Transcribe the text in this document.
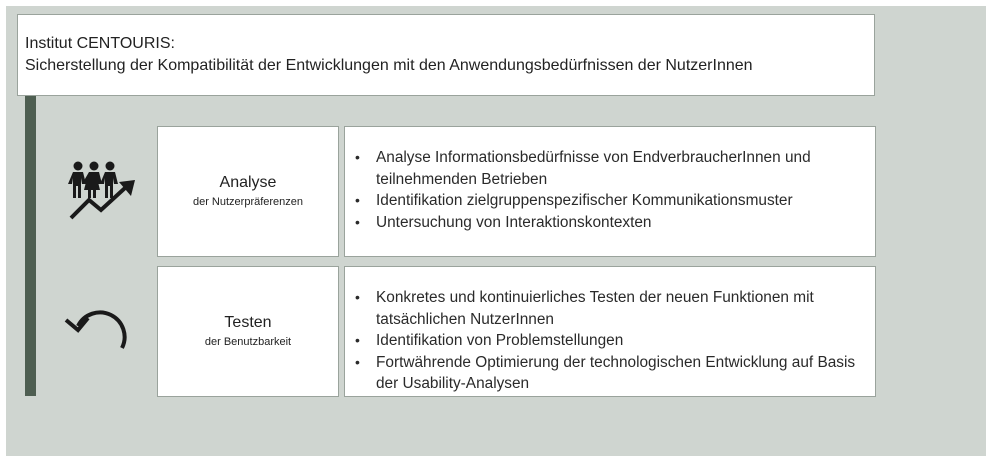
Institut CENTOURIS:
Sicherstellung der Kompatibilität der Entwicklungen mit den Anwendungsbedürfnissen der NutzerInnen
Analyse
der Nutzerpräferenzen
• Analyse Informationsbedürfnisse von EndverbraucherInnen und teilnehmenden Betrieben
• Identifikation zielgruppenspezifischer Kommunikationsmuster
• Untersuchung von Interaktionskontexten
Testen
der Benutzbarkeit
• Konkretes und kontinuierliches Testen der neuen Funktionen mit tatsächlichen NutzerInnen
• Identifikation von Problemstellungen
• Fortwährende Optimierung der technologischen Entwicklung auf Basis der Usability-Analysen
